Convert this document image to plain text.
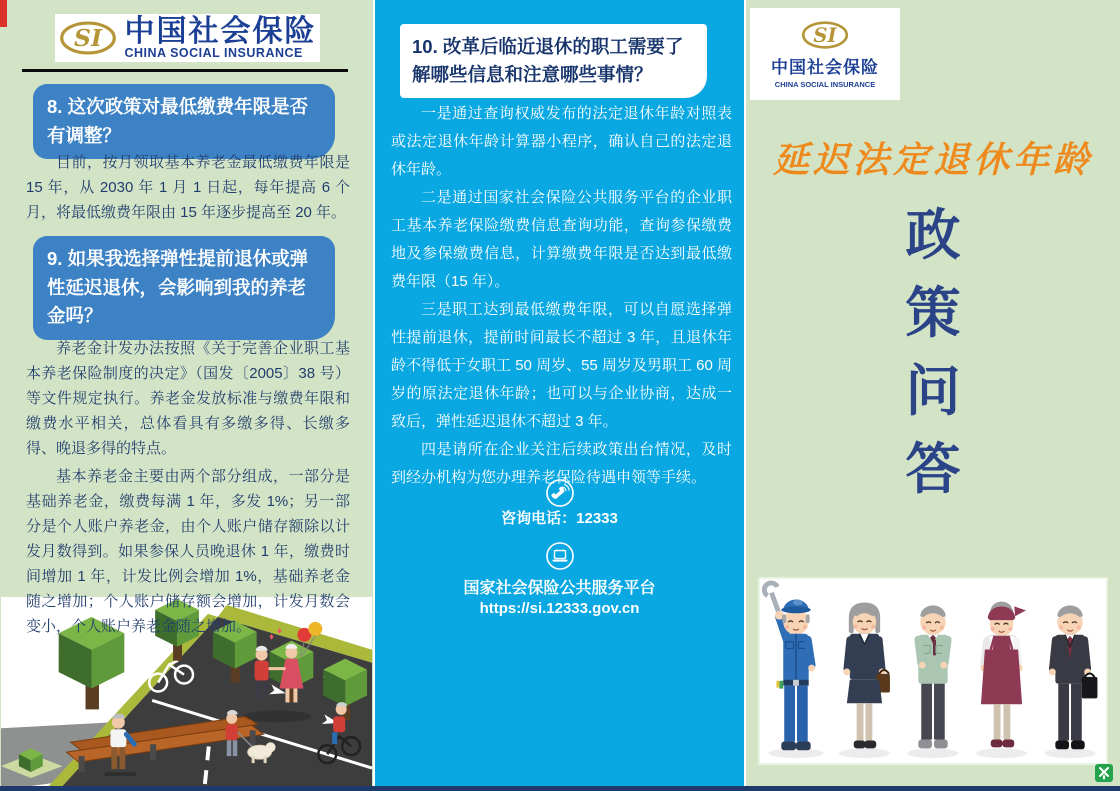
SI 中国社会保险
CHINA SOCIAL INSURANCE
8. 这次政策对最低缴费年限是否有调整？

目前，按月领取基本养老金最低缴费年限是 15 年，从 2030 年 1 月 1 日起，每年提高 6 个月，将最低缴费年限由 15 年逐步提高至 20 年。

9. 如果我选择弹性提前退休或弹性延迟退休，会影响到我的养老金吗？

养老金计发办法按照《关于完善企业职工基本养老保险制度的决定》（国发〔2005〕38 号）等文件规定执行。养老金发放标准与缴费年限和缴费水平相关，总体看具有多缴多得、长缴多得、晚退多得的特点。

基本养老金主要由两个部分组成，一部分是基础养老金，缴费每满 1 年，多发 1%；另一部分是个人账户养老金，由个人账户储存额除以计发月数得到。如果参保人员晚退休 1 年，缴费时间增加 1 年，计发比例会增加 1%，基础养老金随之增加；个人账户储存额会增加，计发月数会变小，个人账户养老金随之增加。

10. 改革后临近退休的职工需要了解哪些信息和注意哪些事情？

一是通过查询权威发布的法定退休年龄对照表或法定退休年龄计算器小程序，确认自己的法定退休年龄。

二是通过国家社会保险公共服务平台的企业职工基本养老保险缴费信息查询功能，查询参保缴费地及参保缴费信息，计算缴费年限是否达到最低缴费年限（15 年）。

三是职工达到最低缴费年限，可以自愿选择弹性提前退休，提前时间最长不超过 3 年，且退休年龄不得低于女职工 50 周岁、55 周岁及男职工 60 周岁的原法定退休年龄；也可以与企业协商，达成一致后，弹性延迟退休不超过 3 年。

四是请所在企业关注后续政策出台情况，及时到经办机构为您办理养老保险待遇申领等手续。

咨询电话：12333
国家社会保险公共服务平台
https://si.12333.gov.cn
SI
中国社会保险
CHINA SOCIAL INSURANCE
延迟法定退休年龄
政
策
问
答
